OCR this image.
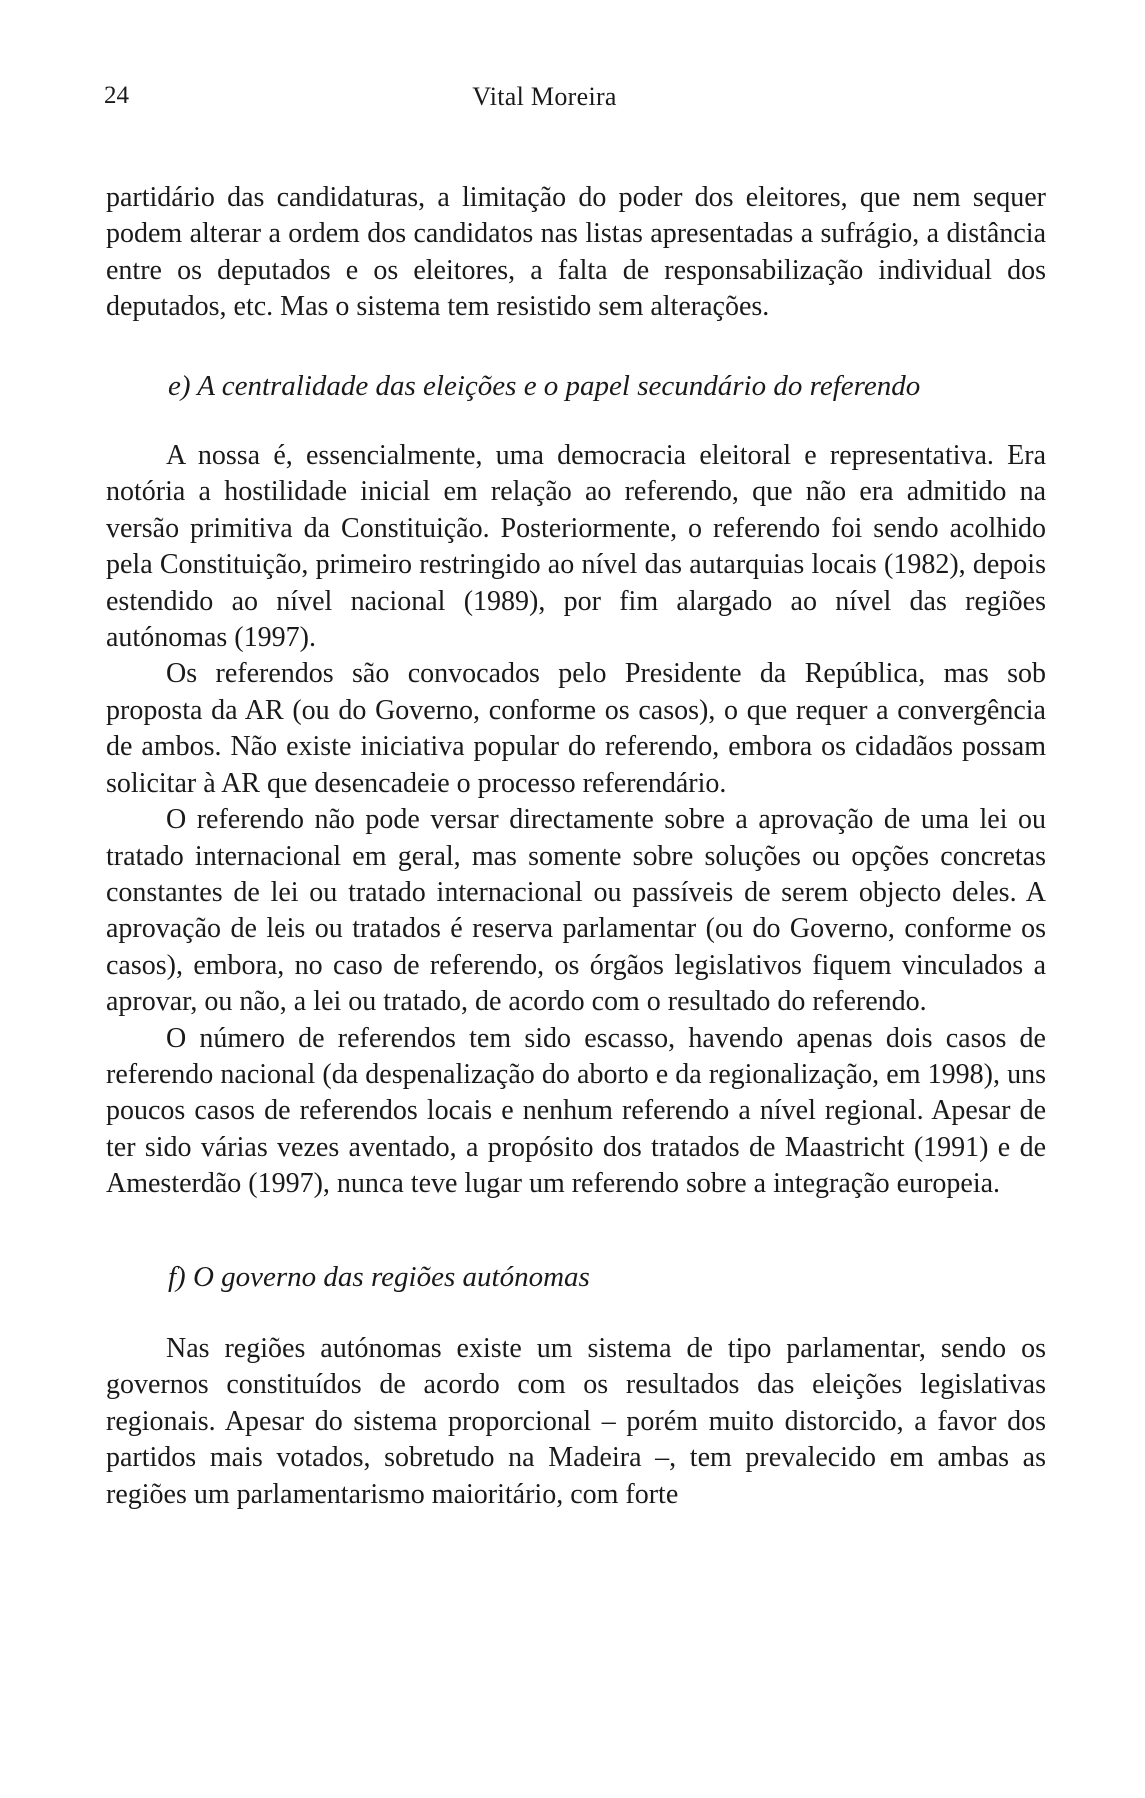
24	Vital Moreira

partidário das candidaturas, a limitação do poder dos eleitores, que nem sequer podem alterar a ordem dos candidatos nas listas apresentadas a sufrágio, a distância entre os deputados e os eleitores, a falta de responsabilização individual dos deputados, etc. Mas o sistema tem resistido sem alterações.

e) A centralidade das eleições e o papel secundário do referendo

A nossa é, essencialmente, uma democracia eleitoral e representativa. Era notória a hostilidade inicial em relação ao referendo, que não era admitido na versão primitiva da Constituição. Posteriormente, o referendo foi sendo acolhido pela Constituição, primeiro restringido ao nível das autarquias locais (1982), depois estendido ao nível nacional (1989), por fim alargado ao nível das regiões autónomas (1997).

Os referendos são convocados pelo Presidente da República, mas sob proposta da AR (ou do Governo, conforme os casos), o que requer a convergência de ambos. Não existe iniciativa popular do referendo, embora os cidadãos possam solicitar à AR que desencadeie o processo referendário.

O referendo não pode versar directamente sobre a aprovação de uma lei ou tratado internacional em geral, mas somente sobre soluções ou opções concretas constantes de lei ou tratado internacional ou passíveis de serem objecto deles. A aprovação de leis ou tratados é reserva parlamentar (ou do Governo, conforme os casos), embora, no caso de referendo, os órgãos legislativos fiquem vinculados a aprovar, ou não, a lei ou tratado, de acordo com o resultado do referendo.

O número de referendos tem sido escasso, havendo apenas dois casos de referendo nacional (da despenalização do aborto e da regionalização, em 1998), uns poucos casos de referendos locais e nenhum referendo a nível regional. Apesar de ter sido várias vezes aventado, a propósito dos tratados de Maastricht (1991) e de Amesterdão (1997), nunca teve lugar um referendo sobre a integração europeia.

f) O governo das regiões autónomas

Nas regiões autónomas existe um sistema de tipo parlamentar, sendo os governos constituídos de acordo com os resultados das eleições legislativas regionais. Apesar do sistema proporcional – porém muito distorcido, a favor dos partidos mais votados, sobretudo na Madeira –, tem prevalecido em ambas as regiões um parlamentarismo maioritário, com forte
